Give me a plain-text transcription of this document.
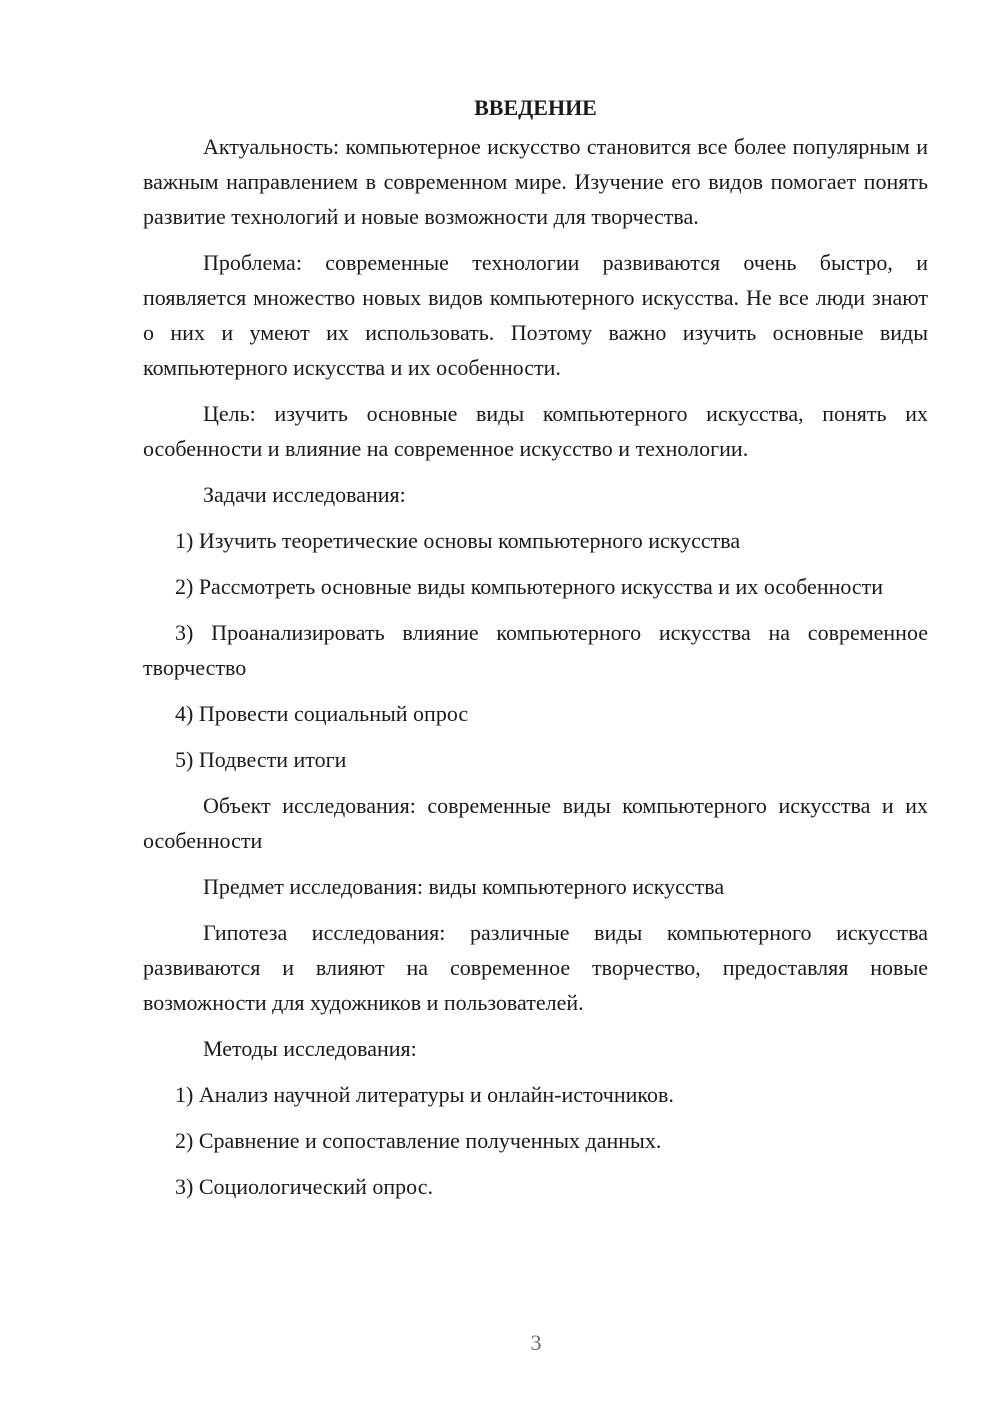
ВВЕДЕНИЕ

Актуальность: компьютерное искусство становится все более популярным и важным направлением в современном мире. Изучение его видов помогает понять развитие технологий и новые возможности для творчества.

Проблема: современные технологии развиваются очень быстро, и появляется множество новых видов компьютерного искусства. Не все люди знают о них и умеют их использовать. Поэтому важно изучить основные виды компьютерного искусства и их особенности.

Цель: изучить основные виды компьютерного искусства, понять их особенности и влияние на современное искусство и технологии.

Задачи исследования:

1) Изучить теоретические основы компьютерного искусства

2) Рассмотреть основные виды компьютерного искусства и их особенности

3) Проанализировать влияние компьютерного искусства на современное творчество

4) Провести социальный опрос

5) Подвести итоги

Объект исследования: современные виды компьютерного искусства и их особенности

Предмет исследования: виды компьютерного искусства

Гипотеза исследования: различные виды компьютерного искусства развиваются и влияют на современное творчество, предоставляя новые возможности для художников и пользователей.

Методы исследования:

1) Анализ научной литературы и онлайн-источников.

2) Сравнение и сопоставление полученных данных.

3) Социологический опрос.

3
